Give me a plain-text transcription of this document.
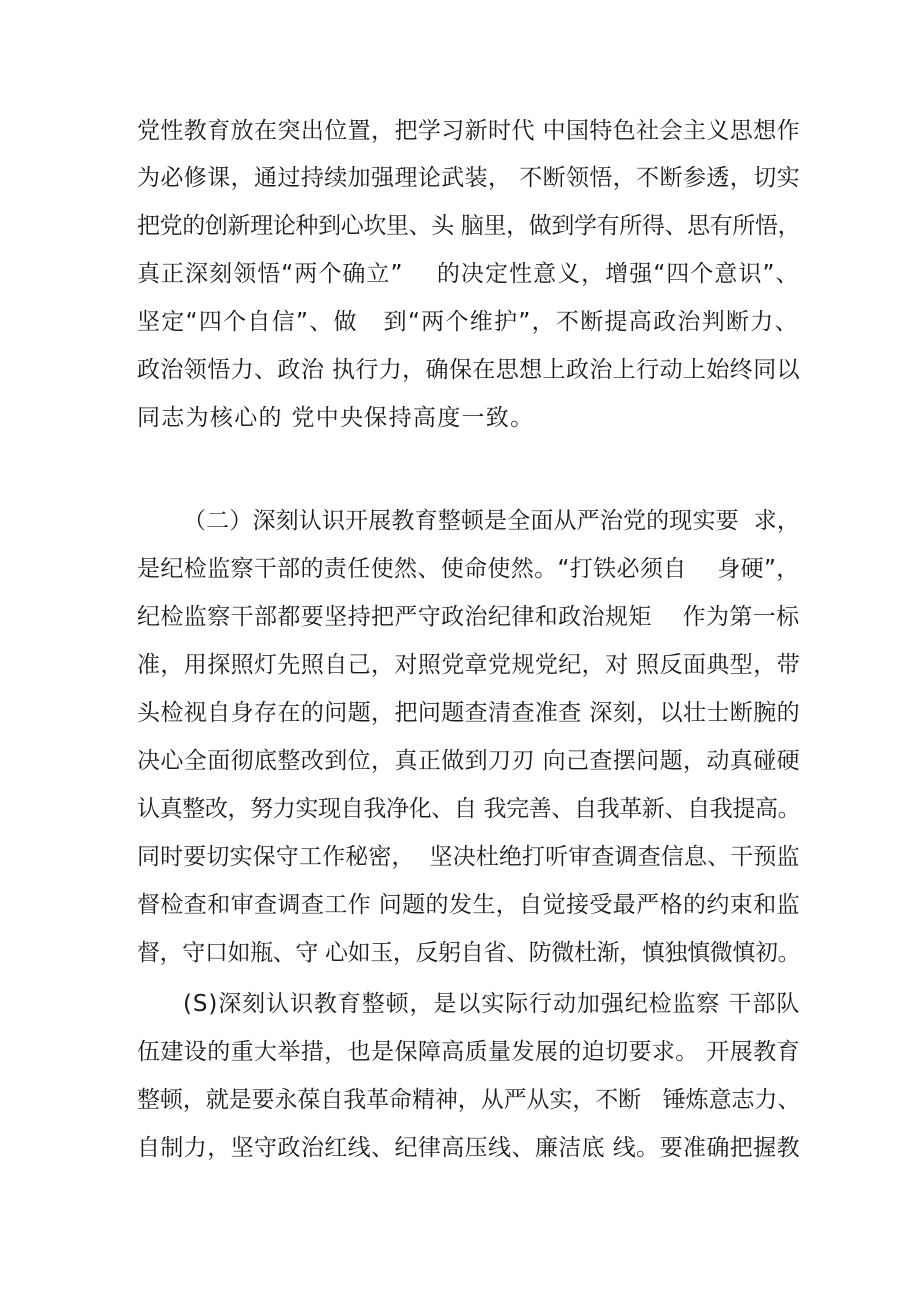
党性教育放在突出位置，把学习新时代 中国特色社会主义思想作

为必修课，通过持续加强理论武装， 不断领悟，不断参透，切实

把党的创新理论种到心坎里、头 脑里，做到学有所得、思有所悟，

真正深刻领悟“两个确立”    的决定性意义，增强“四个意识”、

坚定“四个自信”、做   到“两个维护”，不断提高政治判断力、

政治领悟力、政治 执行力，确保在思想上政治上行动上始终同以

同志为核心的 党中央保持高度一致。

（二）深刻认识开展教育整顿是全面从严治党的现实要  求，

是纪检监察干部的责任使然、使命使然。“打铁必须自    身硬”，

纪检监察干部都要坚持把严守政治纪律和政治规矩    作为第一标

准，用探照灯先照自己，对照党章党规党纪，对 照反面典型，带

头检视自身存在的问题，把问题查清查准查 深刻，以壮士断腕的

决心全面彻底整改到位，真正做到刀刃 向己查摆问题，动真碰硬

认真整改，努力实现自我净化、自 我完善、自我革新、自我提高。

同时要切实保守工作秘密，  坚决杜绝打听审查调查信息、干预监

督检查和审查调查工作 问题的发生，自觉接受最严格的约束和监

督，守口如瓶、守 心如玉，反躬自省、防微杜渐，慎独慎微慎初。

(S)深刻认识教育整顿，是以实际行动加强纪检监察 干部队

伍建设的重大举措，也是保障高质量发展的迫切要求。 开展教育

整顿，就是要永葆自我革命精神，从严从实，不断   锤炼意志力、

自制力，坚守政治红线、纪律高压线、廉洁底 线。要准确把握教
